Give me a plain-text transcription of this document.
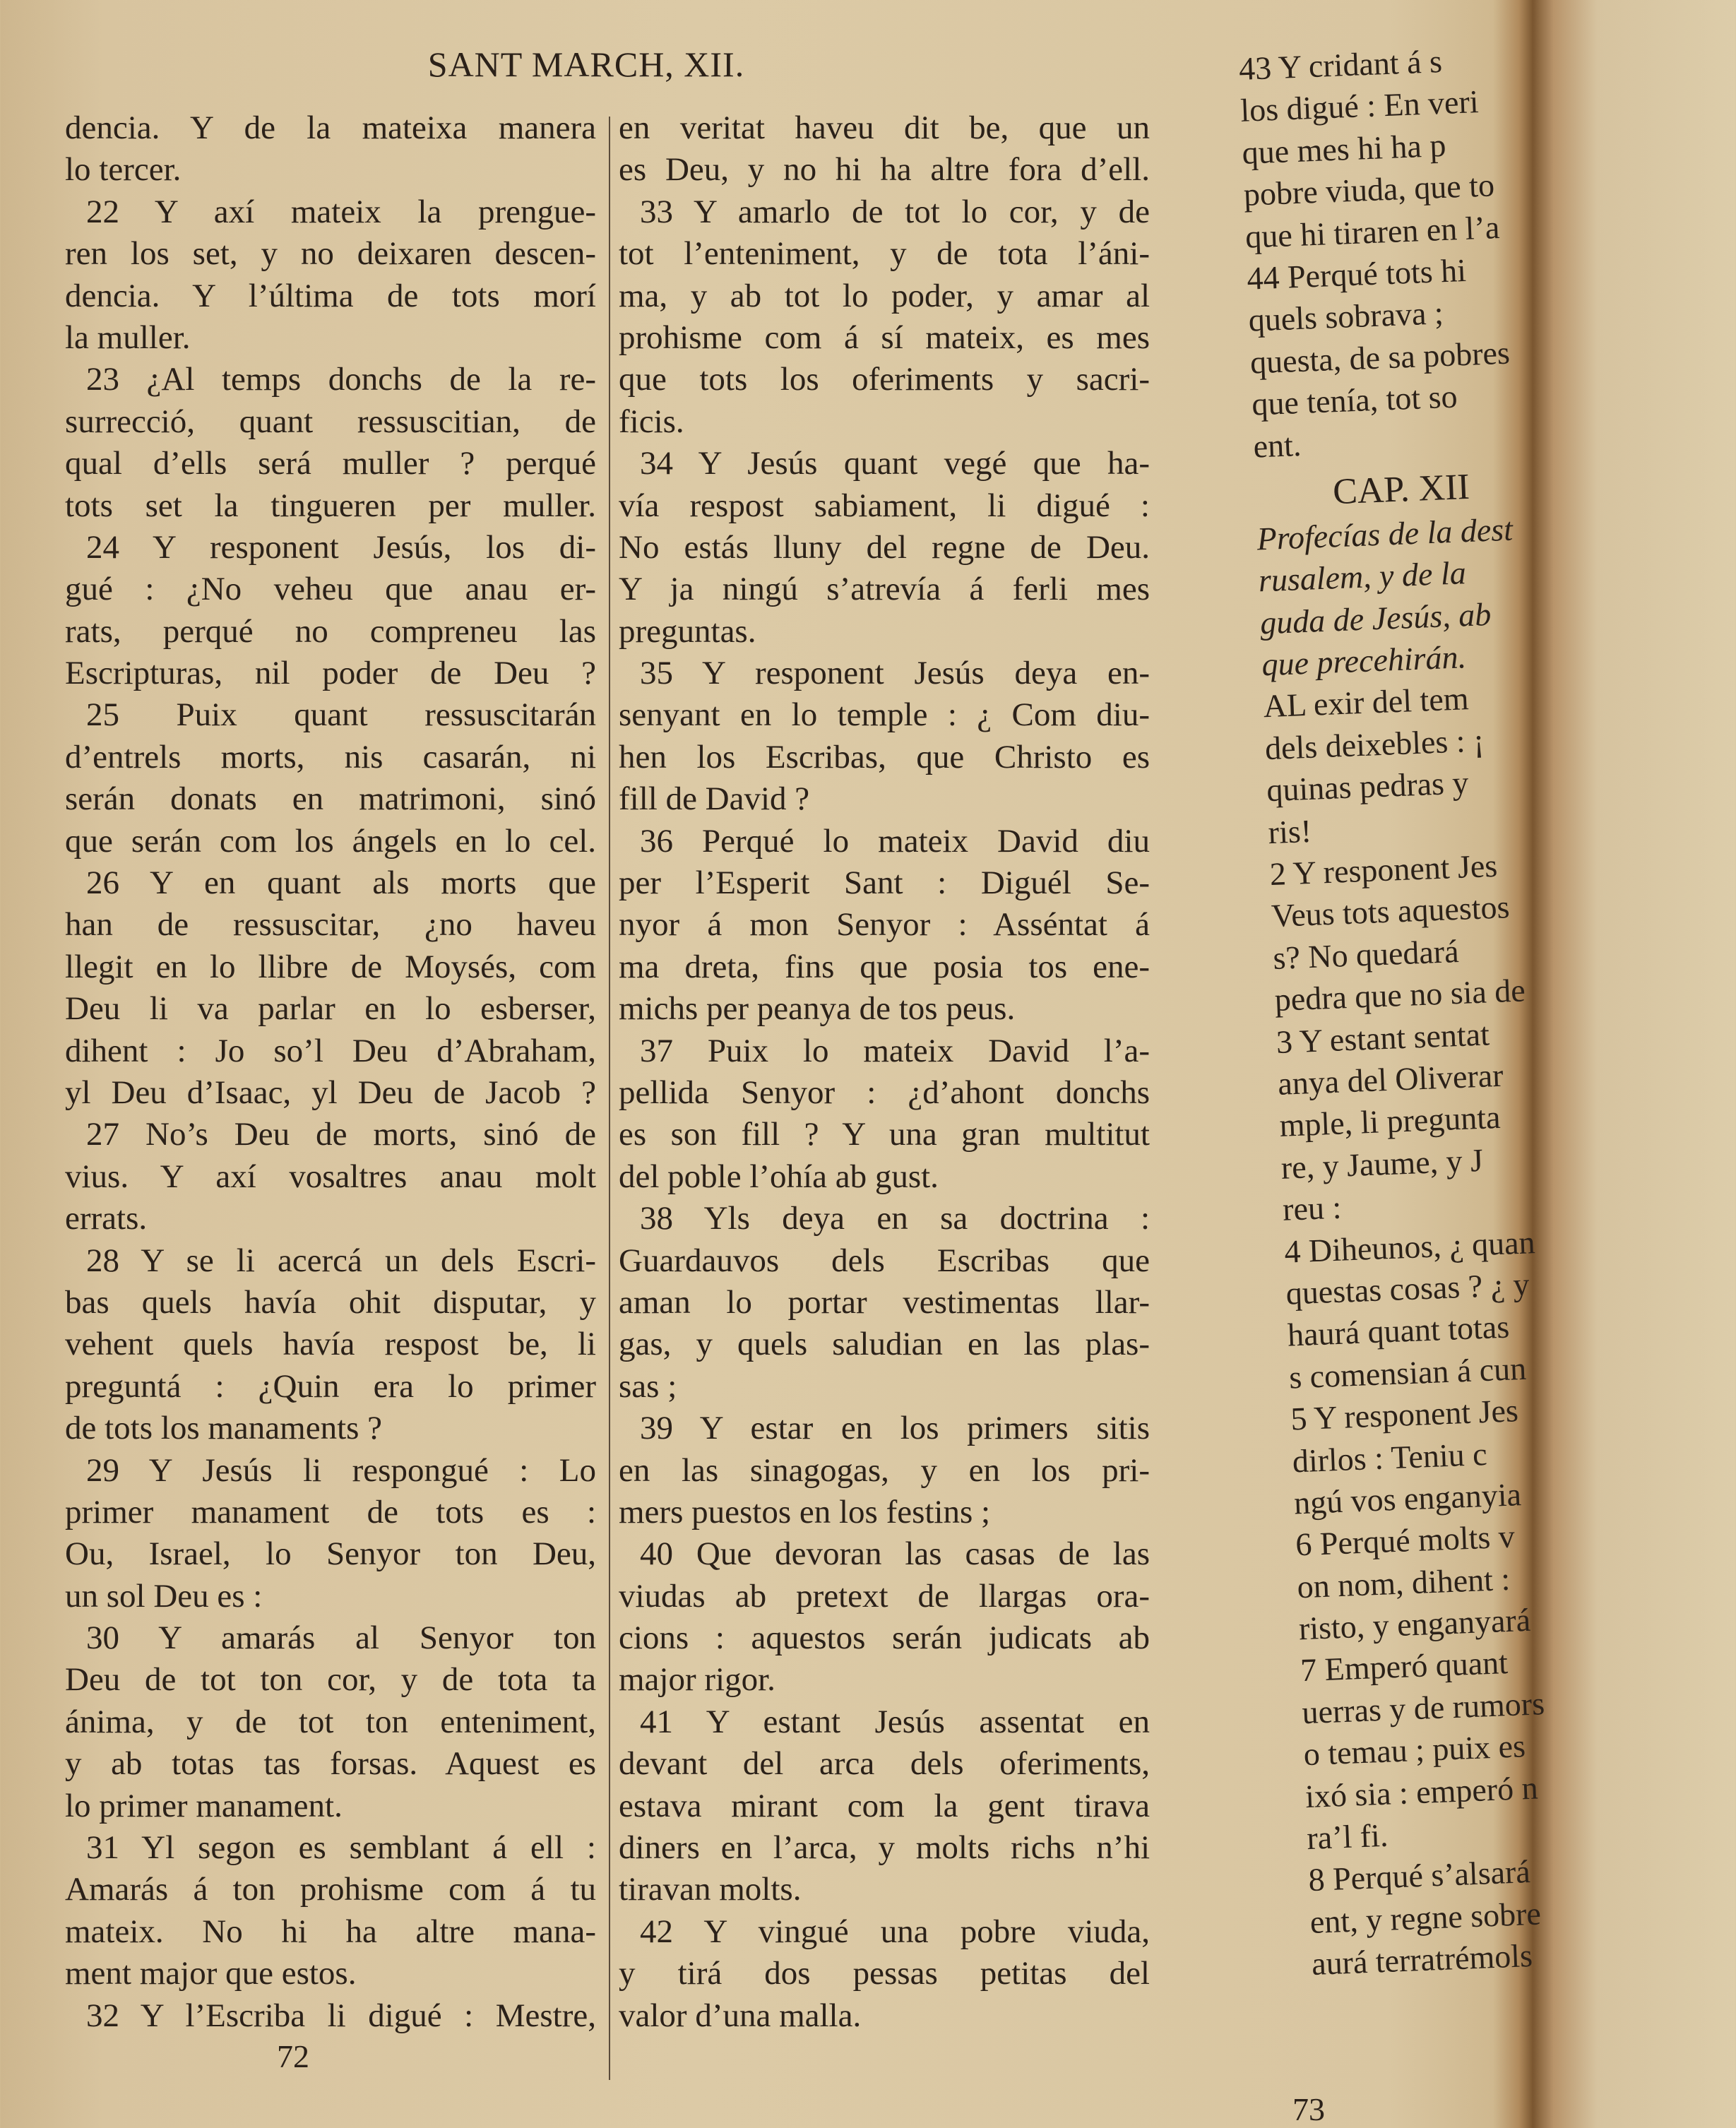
SANT MARCH, XII.
dencia. Y de la mateixa manera
lo tercer.
22 Y axí mateix la prengue-
ren los set, y no deixaren descen-
dencia. Y l’última de tots morí
la muller.
23 ¿Al temps donchs de la re-
surrecció, quant ressuscitian, de
qual d’ells será muller ? perqué
tots set la tingueren per muller.
24 Y responent Jesús, los di-
gué : ¿No veheu que anau er-
rats, perqué no compreneu las
Escripturas, nil poder de Deu ?
25 Puix quant ressuscitarán
d’entrels morts, nis casarán, ni
serán donats en matrimoni, sinó
que serán com los ángels en lo cel.
26 Y en quant als morts que
han de ressuscitar, ¿no haveu
llegit en lo llibre de Moysés, com
Deu li va parlar en lo esberser,
dihent : Jo so’l Deu d’Abraham,
yl Deu d’Isaac, yl Deu de Jacob ?
27 No’s Deu de morts, sinó de
vius. Y axí vosaltres anau molt
errats.
28 Y se li acercá un dels Escri-
bas quels havía ohit disputar, y
vehent quels havía respost be, li
preguntá : ¿Quin era lo primer
de tots los manaments ?
29 Y Jesús li respongué : Lo
primer manament de tots es :
Ou, Israel, lo Senyor ton Deu,
un sol Deu es :
30 Y amarás al Senyor ton
Deu de tot ton cor, y de tota ta
ánima, y de tot ton enteniment,
y ab totas tas forsas. Aquest es
lo primer manament.
31 Yl segon es semblant á ell :
Amarás á ton prohisme com á tu
mateix. No hi ha altre mana-
ment major que estos.
32 Y l’Escriba li digué : Mestre,
en veritat haveu dit be, que un
es Deu, y no hi ha altre fora d’ell.
33 Y amarlo de tot lo cor, y de
tot l’enteniment, y de tota l’áni-
ma, y ab tot lo poder, y amar al
prohisme com á sí mateix, es mes
que tots los oferiments y sacri-
ficis.
34 Y Jesús quant vegé que ha-
vía respost sabiament, li digué :
No estás lluny del regne de Deu.
Y ja ningú s’atrevía á ferli mes
preguntas.
35 Y responent Jesús deya en-
senyant en lo temple : ¿ Com diu-
hen los Escribas, que Christo es
fill de David ?
36 Perqué lo mateix David diu
per l’Esperit Sant : Diguél Se-
nyor á mon Senyor : Asséntat á
ma dreta, fins que posia tos ene-
michs per peanya de tos peus.
37 Puix lo mateix David l’a-
pellida Senyor : ¿d’ahont donchs
es son fill ? Y una gran multitut
del poble l’ohía ab gust.
38 Yls deya en sa doctrina :
Guardauvos dels Escribas que
aman lo portar vestimentas llar-
gas, y quels saludian en las plas-
sas ;
39 Y estar en los primers sitis
en las sinagogas, y en los pri-
mers puestos en los festins ;
40 Que devoran las casas de las
viudas ab pretext de llargas ora-
cions : aquestos serán judicats ab
major rigor.
41 Y estant Jesús assentat en
devant del arca dels oferiments,
estava mirant com la gent tirava
diners en l’arca, y molts richs n’hi
tiravan molts.
42 Y vingué una pobre viuda,
y tirá dos pessas petitas del
valor d’una malla.
72
43 Y cridant á s
los digué : En veri
que mes hi ha p
pobre viuda, que to
que hi tiraren en l’a
44 Perqué tots hi
quels sobrava ;
questa, de sa pobres
que tenía, tot so
ent.
CAP. XII
Profecías de la dest
rusalem, y de la
guda de Jesús, ab
que precehirán.
AL exir del tem
dels deixebles : ¡
quinas pedras y
ris!
2 Y responent Jes
Veus tots aquestos
s? No quedará
pedra que no sia de
3 Y estant sentat
anya del Oliverar
mple, li pregunta
re, y Jaume, y J
reu :
4 Diheunos, ¿ quan
questas cosas ? ¿ y
haurá quant totas
s comensian á cun
5 Y responent Jes
dirlos : Teniu c
ngú vos enganyia
6 Perqué molts v
on nom, dihent :
risto, y enganyará
7 Emperó quant
uerras y de rumors
o temau ; puix es
ixó sia : emperó n
ra’l fi.
8 Perqué s’alsará
ent, y regne sobre
aurá terratrémols
73
